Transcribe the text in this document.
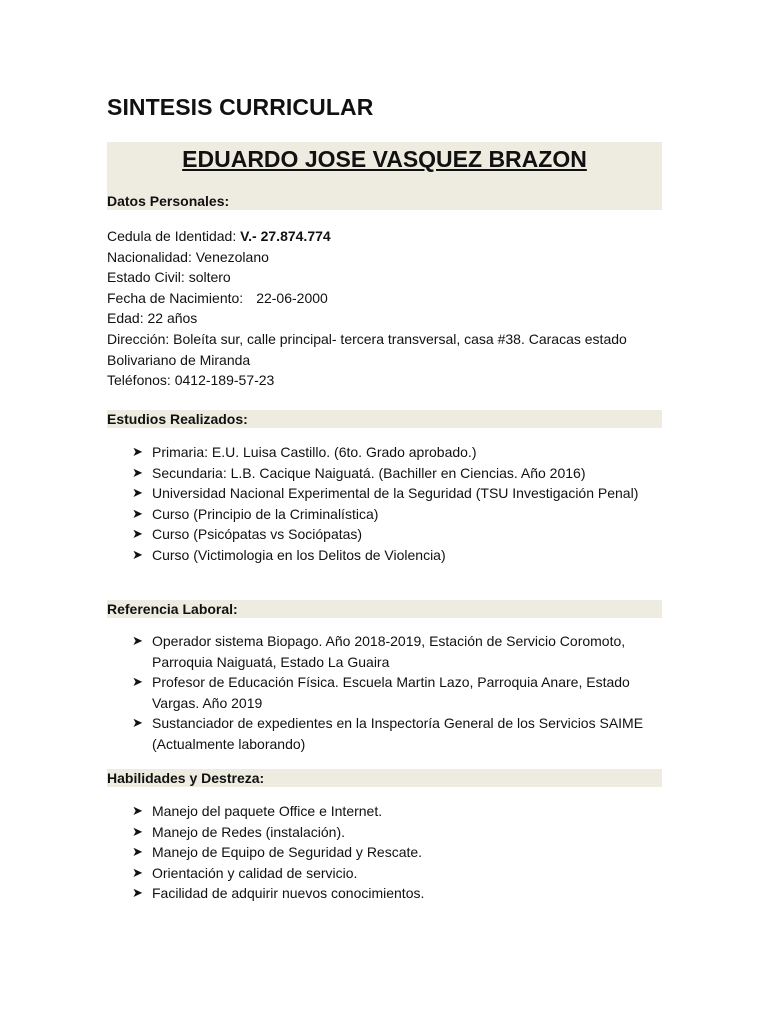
SINTESIS CURRICULAR
EDUARDO JOSE VASQUEZ BRAZON
Datos Personales:
Cedula de Identidad: V.- 27.874.774
Nacionalidad: Venezolano
Estado Civil: soltero
Fecha de Nacimiento: 22-06-2000
Edad: 22 años
Dirección: Boleíta sur, calle principal- tercera transversal, casa #38. Caracas estado Bolivariano de Miranda
Teléfonos: 0412-189-57-23
Estudios Realizados:
➤ Primaria: E.U. Luisa Castillo. (6to. Grado aprobado.)
➤ Secundaria: L.B. Cacique Naiguatá. (Bachiller en Ciencias. Año 2016)
➤ Universidad Nacional Experimental de la Seguridad (TSU Investigación Penal)
➤ Curso (Principio de la Criminalística)
➤ Curso (Psicópatas vs Sociópatas)
➤ Curso (Victimologia en los Delitos de Violencia)
Referencia Laboral:
➤ Operador sistema Biopago. Año 2018-2019, Estación de Servicio Coromoto, Parroquia Naiguatá, Estado La Guaira
➤ Profesor de Educación Física. Escuela Martin Lazo, Parroquia Anare, Estado Vargas. Año 2019
➤ Sustanciador de expedientes en la Inspectoría General de los Servicios SAIME (Actualmente laborando)
Habilidades y Destreza:
➤ Manejo del paquete Office e Internet.
➤ Manejo de Redes (instalación).
➤ Manejo de Equipo de Seguridad y Rescate.
➤ Orientación y calidad de servicio.
➤ Facilidad de adquirir nuevos conocimientos.
